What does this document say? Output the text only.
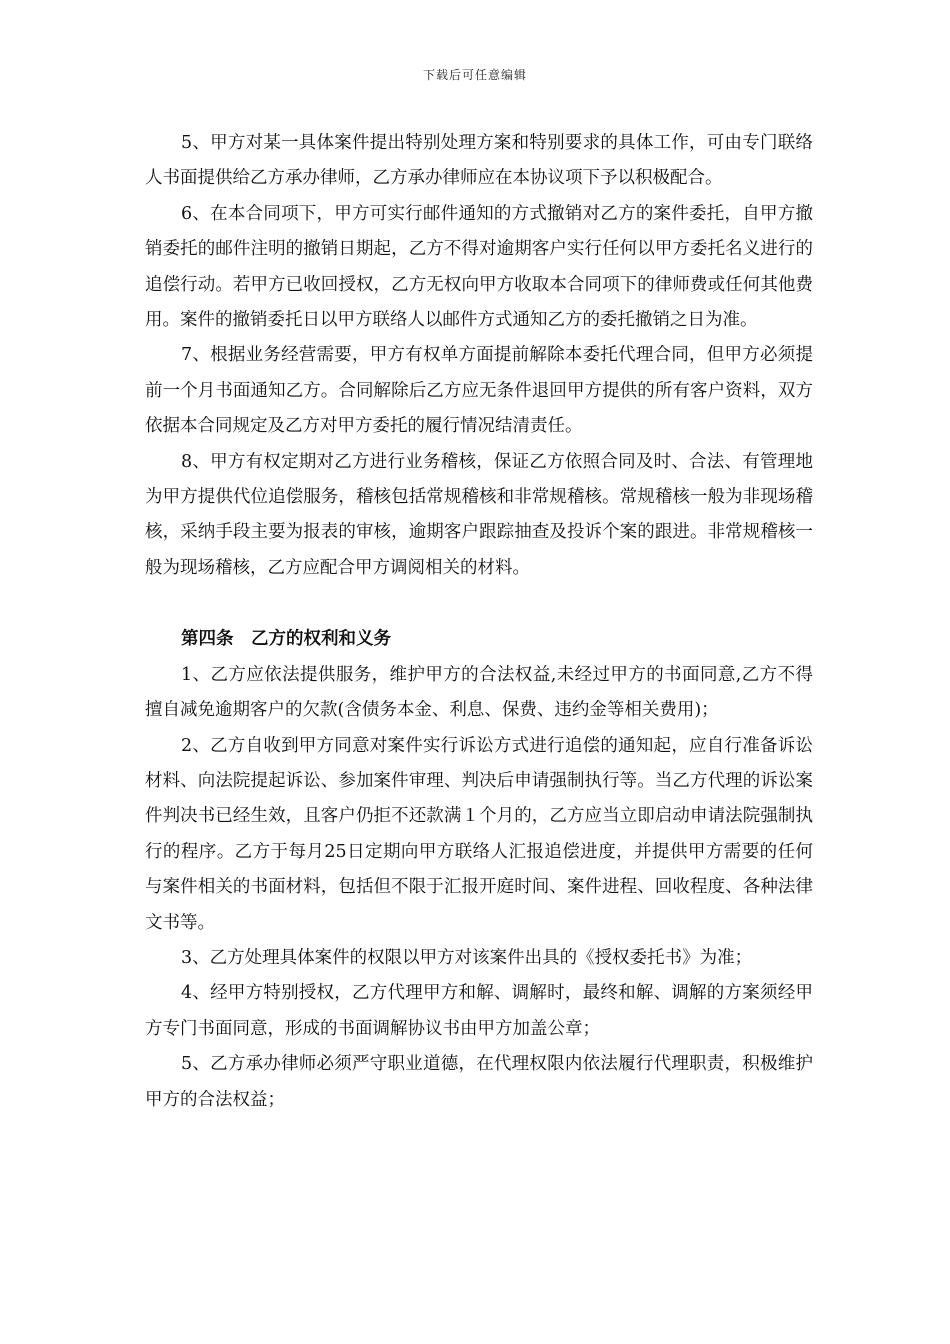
下载后可任意编辑

5、甲方对某一具体案件提出特别处理方案和特别要求的具体工作，可由专门联络人书面提供给乙方承办律师，乙方承办律师应在本协议项下予以积极配合。

6、在本合同项下，甲方可实行邮件通知的方式撤销对乙方的案件委托，自甲方撤销委托的邮件注明的撤销日期起，乙方不得对逾期客户实行任何以甲方委托名义进行的追偿行动。若甲方已收回授权，乙方无权向甲方收取本合同项下的律师费或任何其他费用。案件的撤销委托日以甲方联络人以邮件方式通知乙方的委托撤销之日为准。

7、根据业务经营需要，甲方有权单方面提前解除本委托代理合同，但甲方必须提前一个月书面通知乙方。合同解除后乙方应无条件退回甲方提供的所有客户资料，双方依据本合同规定及乙方对甲方委托的履行情况结清责任。

8、甲方有权定期对乙方进行业务稽核，保证乙方依照合同及时、合法、有管理地为甲方提供代位追偿服务，稽核包括常规稽核和非常规稽核。常规稽核一般为非现场稽核，采纳手段主要为报表的审核，逾期客户跟踪抽查及投诉个案的跟进。非常规稽核一般为现场稽核，乙方应配合甲方调阅相关的材料。

第四条　乙方的权利和义务

1、乙方应依法提供服务，维护甲方的合法权益,未经过甲方的书面同意,乙方不得擅自减免逾期客户的欠款(含债务本金、利息、保费、违约金等相关费用)；

2、乙方自收到甲方同意对案件实行诉讼方式进行追偿的通知起，应自行准备诉讼材料、向法院提起诉讼、参加案件审理、判决后申请强制执行等。当乙方代理的诉讼案件判决书已经生效，且客户仍拒不还款满１个月的，乙方应当立即启动申请法院强制执行的程序。乙方于每月25日定期向甲方联络人汇报追偿进度，并提供甲方需要的任何与案件相关的书面材料，包括但不限于汇报开庭时间、案件进程、回收程度、各种法律文书等。

3、乙方处理具体案件的权限以甲方对该案件出具的《授权委托书》为准；

4、经甲方特别授权，乙方代理甲方和解、调解时，最终和解、调解的方案须经甲方专门书面同意，形成的书面调解协议书由甲方加盖公章；

5、乙方承办律师必须严守职业道德，在代理权限内依法履行代理职责，积极维护甲方的合法权益；
